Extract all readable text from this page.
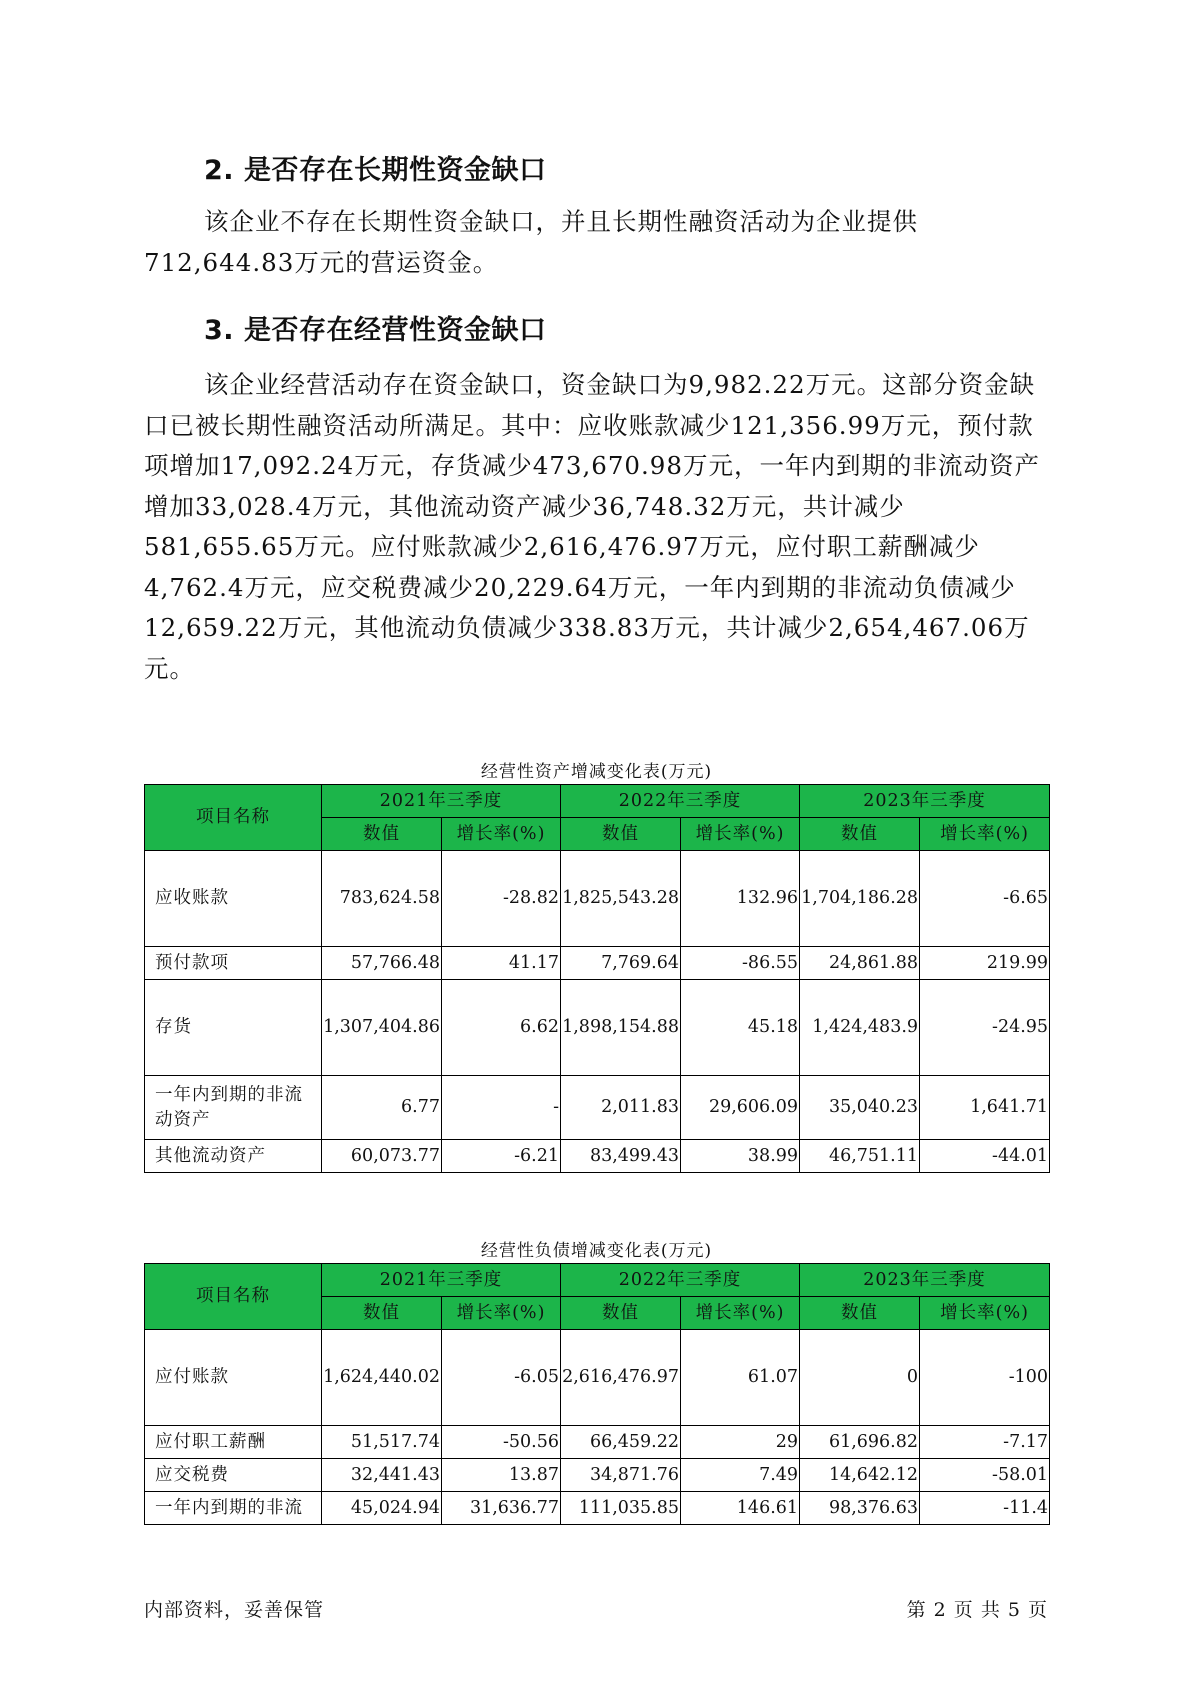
2. 是否存在长期性资金缺口

该企业不存在长期性资金缺口，并且长期性融资活动为企业提供712,644.83万元的营运资金。

3. 是否存在经营性资金缺口

该企业经营活动存在资金缺口，资金缺口为9,982.22万元。这部分资金缺口已被长期性融资活动所满足。其中：应收账款减少121,356.99万元，预付款项增加17,092.24万元，存货减少473,670.98万元，一年内到期的非流动资产增加33,028.4万元，其他流动资产减少36,748.32万元，共计减少581,655.65万元。应付账款减少2,616,476.97万元，应付职工薪酬减少4,762.4万元，应交税费减少20,229.64万元，一年内到期的非流动负债减少12,659.22万元，其他流动负债减少338.83万元，共计减少2,654,467.06万元。

经营性资产增减变化表(万元)
项目名称	2021年三季度		2022年三季度		2023年三季度	
	数值	增长率(%)	数值	增长率(%)	数值	增长率(%)
应收账款	783,624.58	-28.82	1,825,543.28	132.96	1,704,186.28	-6.65
预付款项	57,766.48	41.17	7,769.64	-86.55	24,861.88	219.99
存货	1,307,404.86	6.62	1,898,154.88	45.18	1,424,483.9	-24.95
一年内到期的非流动资产	6.77	-	2,011.83	29,606.09	35,040.23	1,641.71
其他流动资产	60,073.77	-6.21	83,499.43	38.99	46,751.11	-44.01
经营性负债增减变化表(万元)
项目名称	2021年三季度		2022年三季度		2023年三季度	
	数值	增长率(%)	数值	增长率(%)	数值	增长率(%)
应付账款	1,624,440.02	-6.05	2,616,476.97	61.07	0	-100
应付职工薪酬	51,517.74	-50.56	66,459.22	29	61,696.82	-7.17
应交税费	32,441.43	13.87	34,871.76	7.49	14,642.12	-58.01
一年内到期的非流	45,024.94	31,636.77	111,035.85	146.61	98,376.63	-11.4
内部资料，妥善保管	第 2 页 共 5 页
